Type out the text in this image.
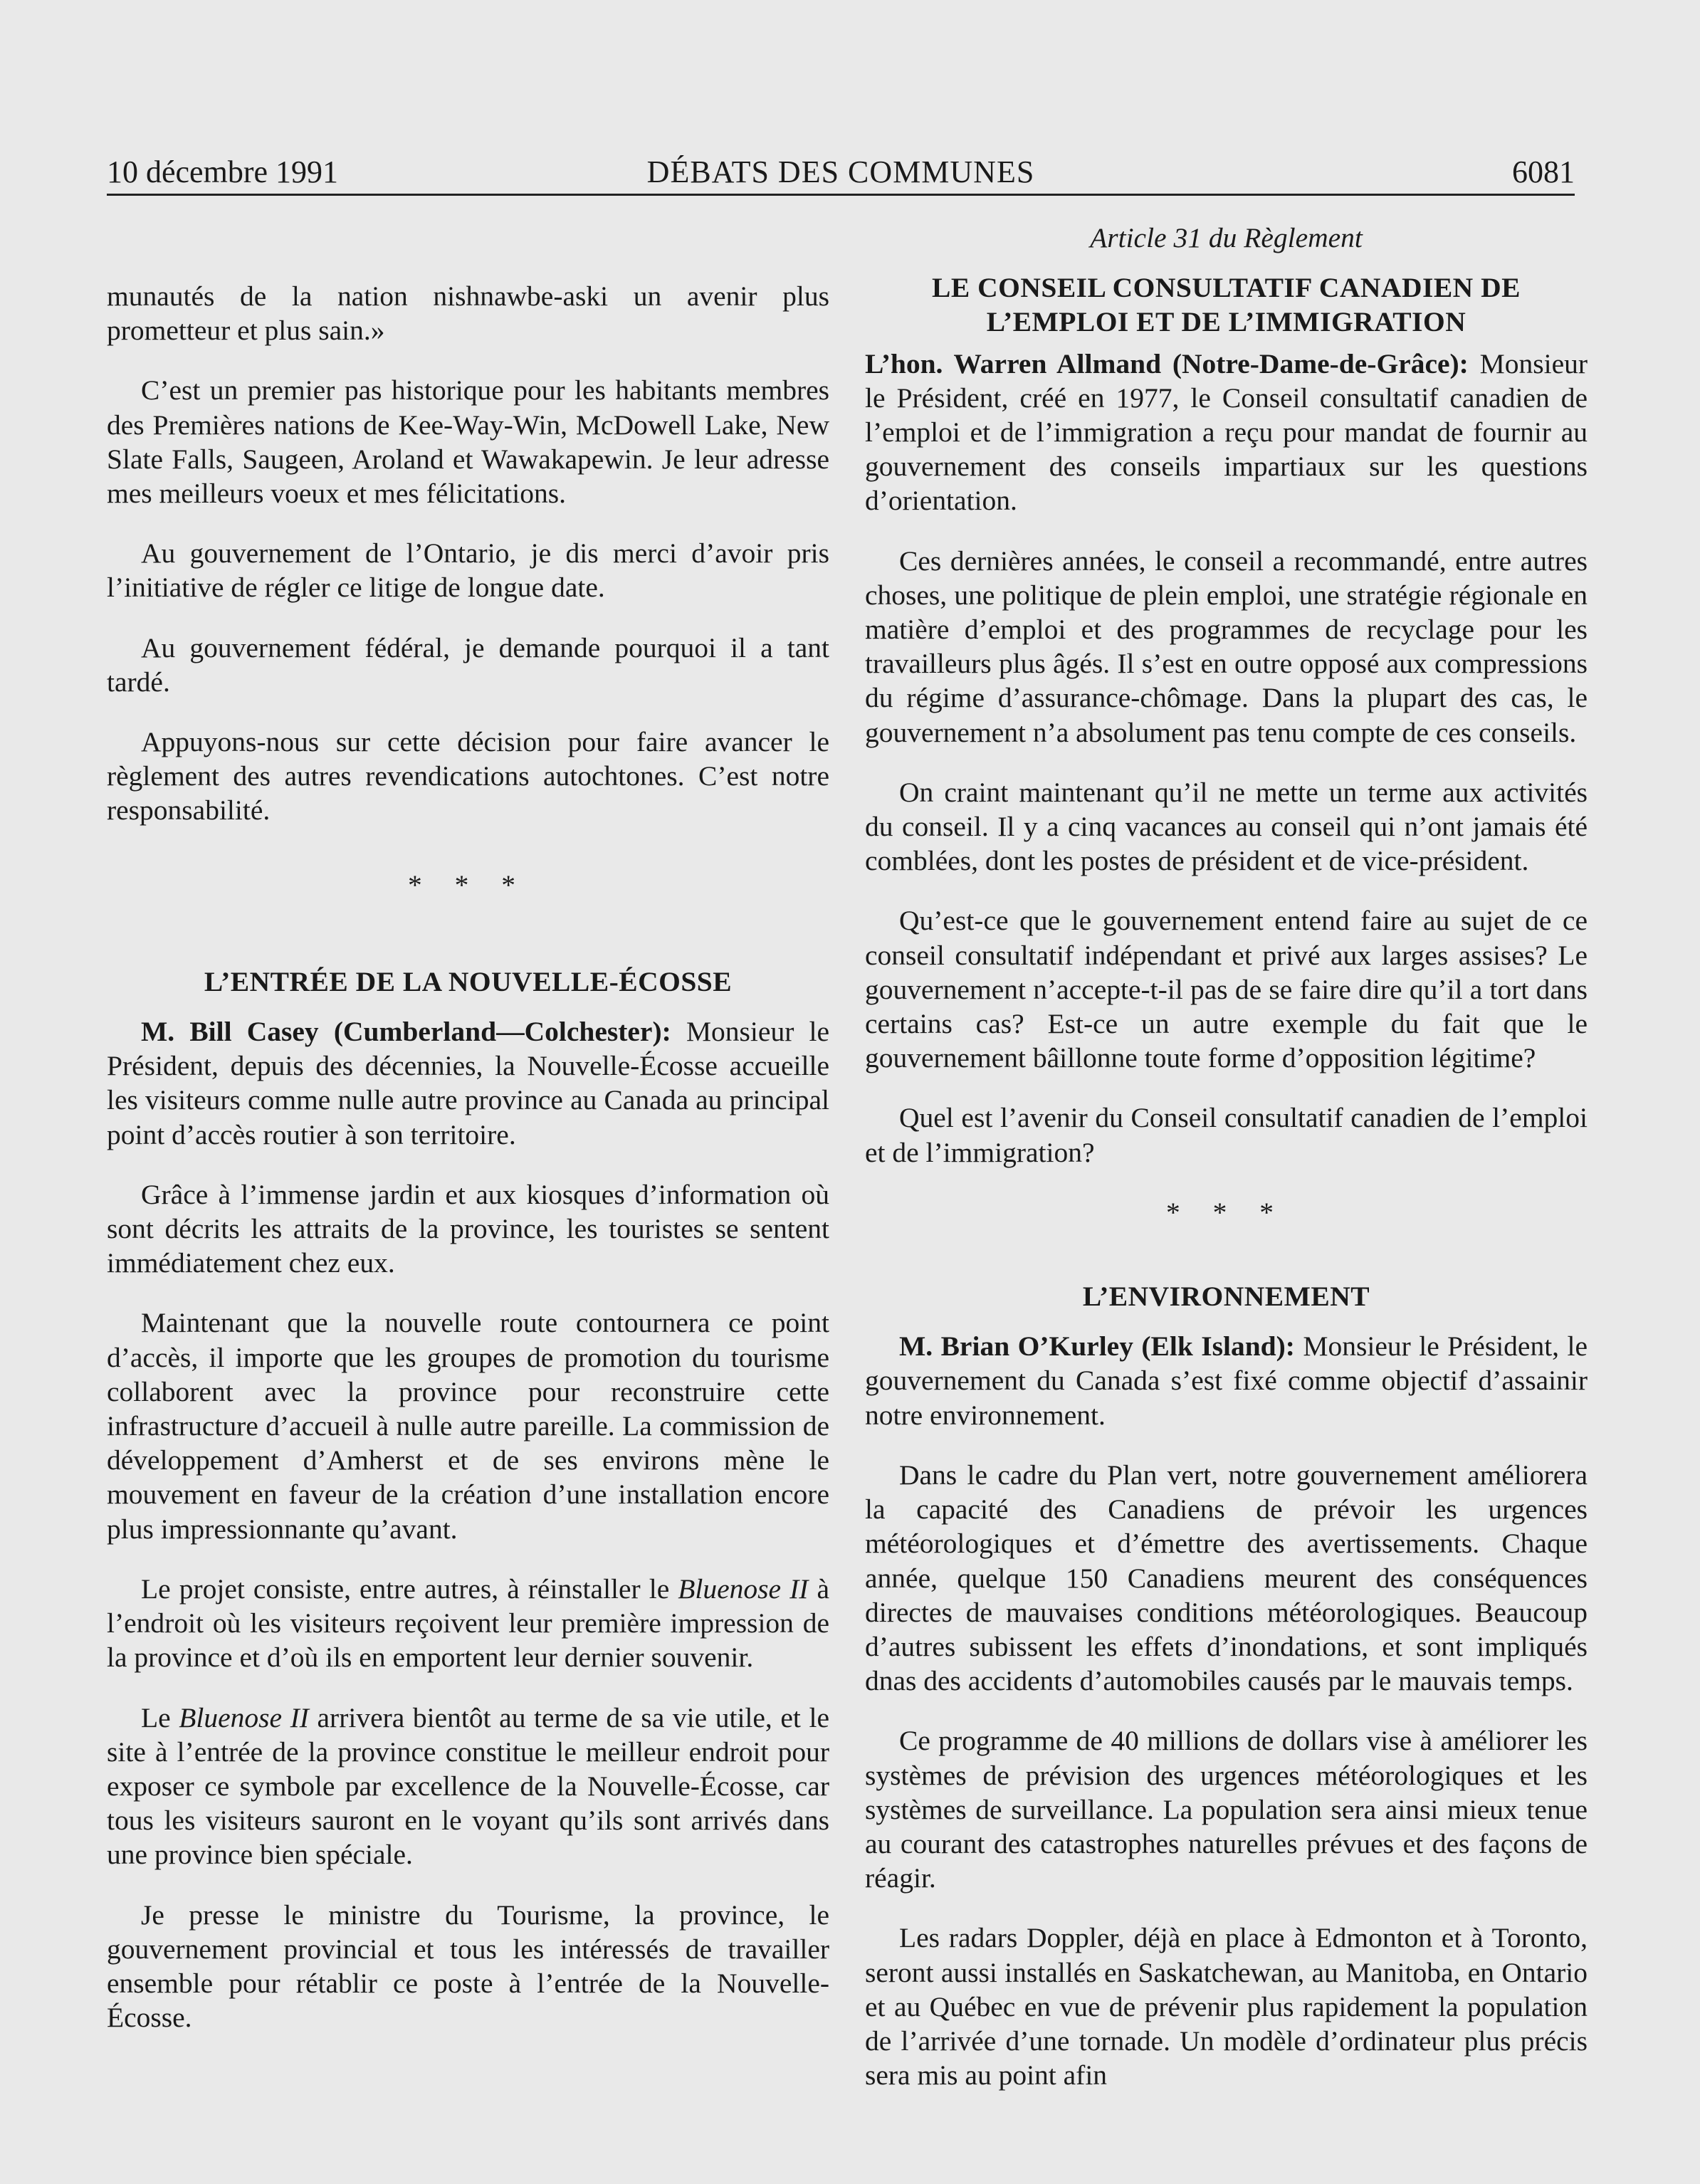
10 décembre 1991	DÉBATS DES COMMUNES	6081

munautés de la nation nishnawbe-aski un avenir plus prometteur et plus sain.»

C’est un premier pas historique pour les habitants membres des Premières nations de Kee-Way-Win, McDowell Lake, New Slate Falls, Saugeen, Aroland et Wawakapewin. Je leur adresse mes meilleurs voeux et mes félicitations.

Au gouvernement de l’Ontario, je dis merci d’avoir pris l’initiative de régler ce litige de longue date.

Au gouvernement fédéral, je demande pourquoi il a tant tardé.

Appuyons-nous sur cette décision pour faire avancer le règlement des autres revendications autochtones. C’est notre responsabilité.

* * *
L’ENTRÉE DE LA NOUVELLE-ÉCOSSE

M. Bill Casey (Cumberland—Colchester): Monsieur le Président, depuis des décennies, la Nouvelle-Écosse accueille les visiteurs comme nulle autre province au Canada au principal point d’accès routier à son territoire.

Grâce à l’immense jardin et aux kiosques d’information où sont décrits les attraits de la province, les touristes se sentent immédiatement chez eux.

Maintenant que la nouvelle route contournera ce point d’accès, il importe que les groupes de promotion du tourisme collaborent avec la province pour reconstruire cette infrastructure d’accueil à nulle autre pareille. La commission de développement d’Amherst et de ses environs mène le mouvement en faveur de la création d’une installation encore plus impressionnante qu’avant.

Le projet consiste, entre autres, à réinstaller le Bluenose II à l’endroit où les visiteurs reçoivent leur première impression de la province et d’où ils en emportent leur dernier souvenir.

Le Bluenose II arrivera bientôt au terme de sa vie utile, et le site à l’entrée de la province constitue le meilleur endroit pour exposer ce symbole par excellence de la Nouvelle-Écosse, car tous les visiteurs sauront en le voyant qu’ils sont arrivés dans une province bien spéciale.

Je presse le ministre du Tourisme, la province, le gouvernement provincial et tous les intéressés de travailler ensemble pour rétablir ce poste à l’entrée de la Nouvelle-Écosse.

Article 31 du Règlement
LE CONSEIL CONSULTATIF CANADIEN DE
L’EMPLOI ET DE L’IMMIGRATION

L’hon. Warren Allmand (Notre-Dame-de-Grâce): Monsieur le Président, créé en 1977, le Conseil consultatif canadien de l’emploi et de l’immigration a reçu pour mandat de fournir au gouvernement des conseils impartiaux sur les questions d’orientation.

Ces dernières années, le conseil a recommandé, entre autres choses, une politique de plein emploi, une stratégie régionale en matière d’emploi et des programmes de recyclage pour les travailleurs plus âgés. Il s’est en outre opposé aux compressions du régime d’assurance-chômage. Dans la plupart des cas, le gouvernement n’a absolument pas tenu compte de ces conseils.

On craint maintenant qu’il ne mette un terme aux activités du conseil. Il y a cinq vacances au conseil qui n’ont jamais été comblées, dont les postes de président et de vice-président.

Qu’est-ce que le gouvernement entend faire au sujet de ce conseil consultatif indépendant et privé aux larges assises? Le gouvernement n’accepte-t-il pas de se faire dire qu’il a tort dans certains cas? Est-ce un autre exemple du fait que le gouvernement bâillonne toute forme d’opposition légitime?

Quel est l’avenir du Conseil consultatif canadien de l’emploi et de l’immigration?

* * *
L’ENVIRONNEMENT

M. Brian O’Kurley (Elk Island): Monsieur le Président, le gouvernement du Canada s’est fixé comme objectif d’assainir notre environnement.

Dans le cadre du Plan vert, notre gouvernement améliorera la capacité des Canadiens de prévoir les urgences météorologiques et d’émettre des avertissements. Chaque année, quelque 150 Canadiens meurent des conséquences directes de mauvaises conditions météorologiques. Beaucoup d’autres subissent les effets d’inondations, et sont impliqués dnas des accidents d’automobiles causés par le mauvais temps.

Ce programme de 40 millions de dollars vise à améliorer les systèmes de prévision des urgences météorologiques et les systèmes de surveillance. La population sera ainsi mieux tenue au courant des catastrophes naturelles prévues et des façons de réagir.

Les radars Doppler, déjà en place à Edmonton et à Toronto, seront aussi installés en Saskatchewan, au Manitoba, en Ontario et au Québec en vue de prévenir plus rapidement la population de l’arrivée d’une tornade. Un modèle d’ordinateur plus précis sera mis au point afin
